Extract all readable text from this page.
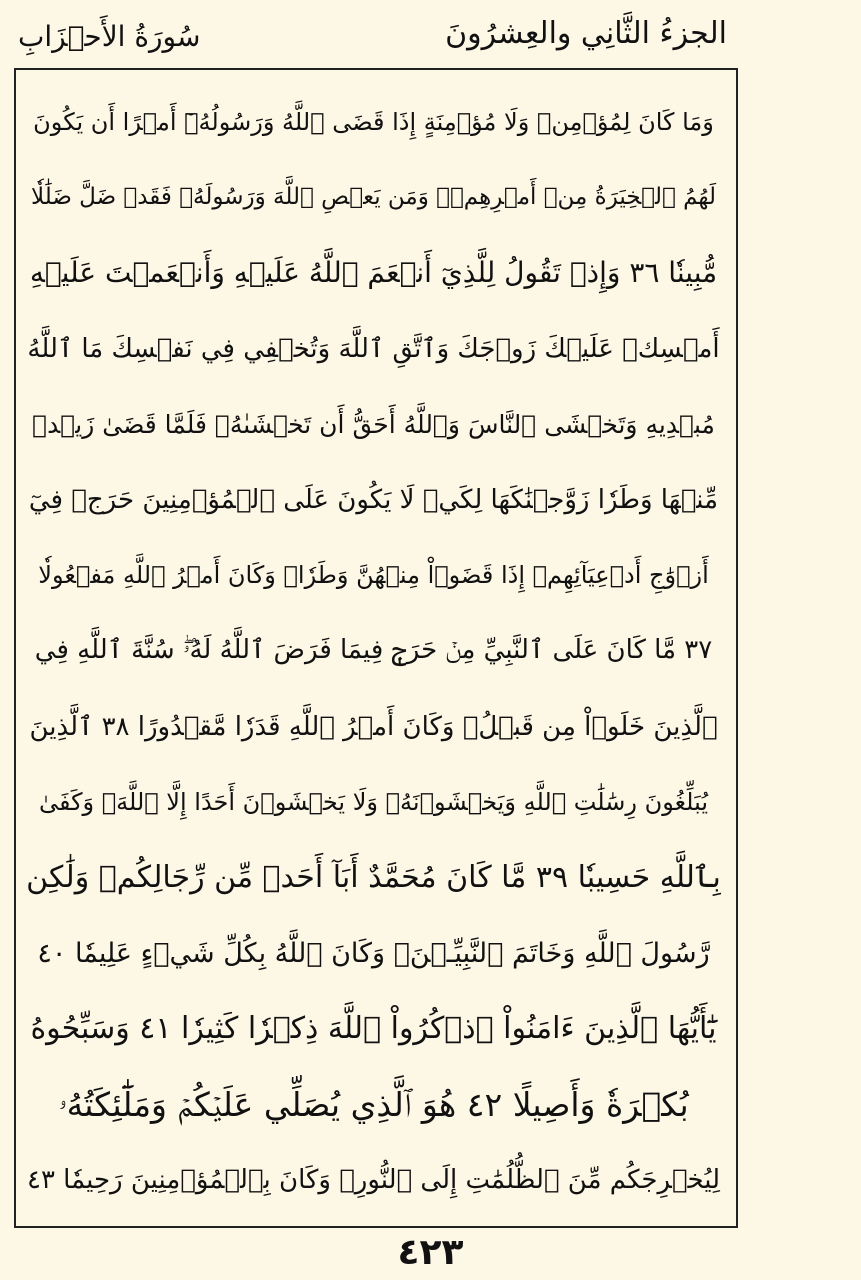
الجزءُ الثَّانِي والعِشرُونَ
سُورَةُ الأَحۡزَابِ
وَمَا كَانَ لِمُؤۡمِنٖ وَلَا مُؤۡمِنَةٍ إِذَا قَضَى ٱللَّهُ وَرَسُولُهُۥٓ أَمۡرًا أَن يَكُونَ
لَهُمُ ٱلۡخِيَرَةُ مِنۡ أَمۡرِهِمۡۗ وَمَن يَعۡصِ ٱللَّهَ وَرَسُولَهُۥ فَقَدۡ ضَلَّ ضَلَٰلٗا
مُّبِينٗا ٣٦ وَإِذۡ تَقُولُ لِلَّذِيٓ أَنۡعَمَ ٱللَّهُ عَلَيۡهِ وَأَنۡعَمۡتَ عَلَيۡهِ
أَمۡسِكۡ عَلَيۡكَ زَوۡجَكَ وَٱتَّقِ ٱللَّهَ وَتُخۡفِي فِي نَفۡسِكَ مَا ٱللَّهُ
مُبۡدِيهِ وَتَخۡشَى ٱلنَّاسَ وَٱللَّهُ أَحَقُّ أَن تَخۡشَىٰهُۖ فَلَمَّا قَضَىٰ زَيۡدٞ
مِّنۡهَا وَطَرٗا زَوَّجۡنَٰكَهَا لِكَيۡ لَا يَكُونَ عَلَى ٱلۡمُؤۡمِنِينَ حَرَجٞ فِيٓ
أَزۡوَٰجِ أَدۡعِيَآئِهِمۡ إِذَا قَضَوۡاْ مِنۡهُنَّ وَطَرٗاۚ وَكَانَ أَمۡرُ ٱللَّهِ مَفۡعُولٗا
٣٧ مَّا كَانَ عَلَى ٱلنَّبِيِّ مِنۡ حَرَجٖ فِيمَا فَرَضَ ٱللَّهُ لَهُۥۖ سُنَّةَ ٱللَّهِ فِي
ٱلَّذِينَ خَلَوۡاْ مِن قَبۡلُۚ وَكَانَ أَمۡرُ ٱللَّهِ قَدَرٗا مَّقۡدُورًا ٣٨ ٱلَّذِينَ
يُبَلِّغُونَ رِسَٰلَٰتِ ٱللَّهِ وَيَخۡشَوۡنَهُۥ وَلَا يَخۡشَوۡنَ أَحَدًا إِلَّا ٱللَّهَۗ وَكَفَىٰ
بِٱللَّهِ حَسِيبٗا ٣٩ مَّا كَانَ مُحَمَّدٌ أَبَآ أَحَدٖ مِّن رِّجَالِكُمۡ وَلَٰكِن
رَّسُولَ ٱللَّهِ وَخَاتَمَ ٱلنَّبِيِّـۧنَۗ وَكَانَ ٱللَّهُ بِكُلِّ شَيۡءٍ عَلِيمٗا ٤٠
يَٰٓأَيُّهَا ٱلَّذِينَ ءَامَنُواْ ٱذۡكُرُواْ ٱللَّهَ ذِكۡرٗا كَثِيرٗا ٤١ وَسَبِّحُوهُ
بُكۡرَةٗ وَأَصِيلًا ٤٢ هُوَ ٱلَّذِي يُصَلِّي عَلَيۡكُمۡ وَمَلَٰٓئِكَتُهُۥ
لِيُخۡرِجَكُم مِّنَ ٱلظُّلُمَٰتِ إِلَى ٱلنُّورِۚ وَكَانَ بِٱلۡمُؤۡمِنِينَ رَحِيمٗا ٤٣
٤٢٣
